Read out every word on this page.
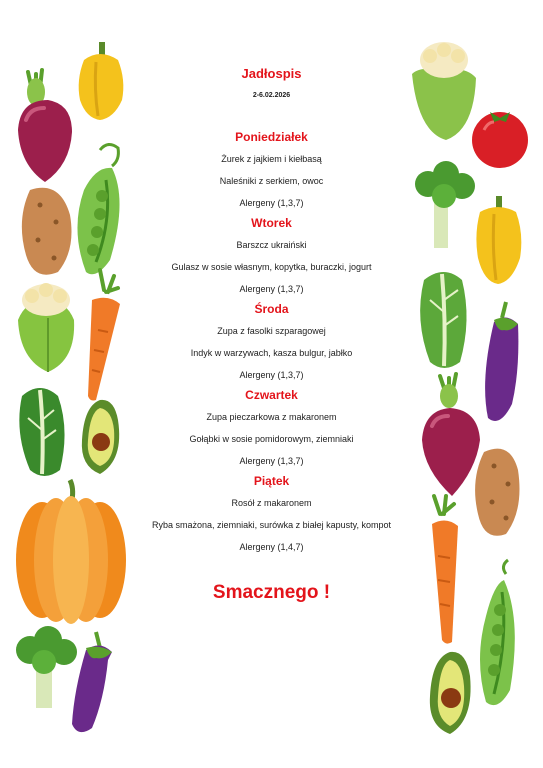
Jadłospis
2-6.02.2026
Poniedziałek
Żurek z jajkiem i kiełbasą
Naleśniki z serkiem, owoc
Alergeny (1,3,7)
Wtorek
Barszcz ukraiński
Gulasz w sosie własnym, kopytka, buraczki, jogurt
Alergeny (1,3,7)
Środa
Zupa z fasolki szparagowej
Indyk w warzywach, kasza bulgur, jabłko
Alergeny (1,3,7)
Czwartek
Zupa pieczarkowa z makaronem
Gołąbki w sosie pomidorowym, ziemniaki
Alergeny (1,3,7)
Piątek
Rosół z makaronem
Ryba smażona, ziemniaki, surówka z białej kapusty, kompot
Alergeny (1,4,7)
Smacznego !
